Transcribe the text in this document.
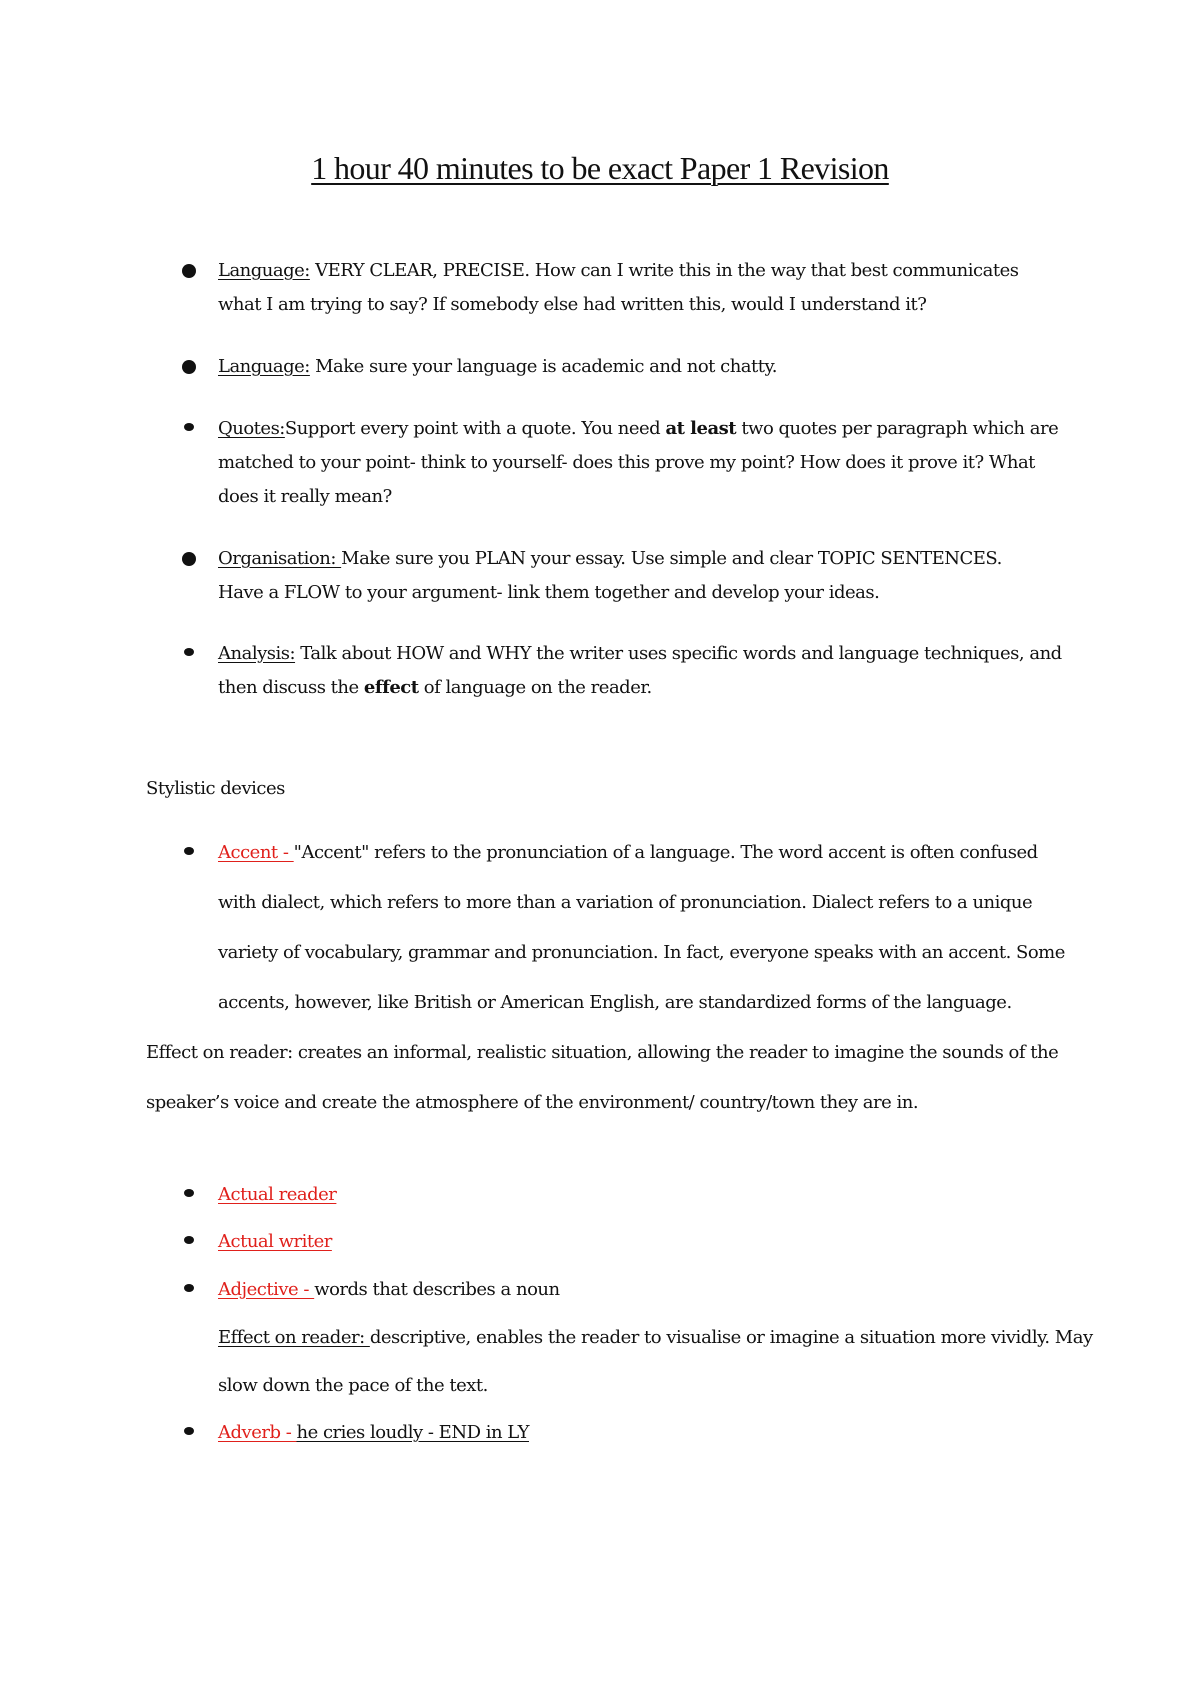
1 hour 40 minutes to be exact Paper 1 Revision
Language: VERY CLEAR, PRECISE. How can I write this in the way that best communicates
what I am trying to say? If somebody else had written this, would I understand it?
Language: Make sure your language is academic and not chatty.
Quotes:Support every point with a quote. You need at least two quotes per paragraph which are
matched to your point- think to yourself- does this prove my point? How does it prove it? What
does it really mean?
Organisation: Make sure you PLAN your essay. Use simple and clear TOPIC SENTENCES.
Have a FLOW to your argument- link them together and develop your ideas.
Analysis: Talk about HOW and WHY the writer uses specific words and language techniques, and
then discuss the effect of language on the reader.
Stylistic devices
Accent - "Accent" refers to the pronunciation of a language. The word accent is often confused
with dialect, which refers to more than a variation of pronunciation. Dialect refers to a unique
variety of vocabulary, grammar and pronunciation. In fact, everyone speaks with an accent. Some
accents, however, like British or American English, are standardized forms of the language.
Effect on reader: creates an informal, realistic situation, allowing the reader to imagine the sounds of the
speaker’s voice and create the atmosphere of the environment/ country/town they are in.
Actual reader
Actual writer
Adjective - words that describes a noun
Effect on reader: descriptive, enables the reader to visualise or imagine a situation more vividly. May
slow down the pace of the text.
Adverb - he cries loudly - END in LY
